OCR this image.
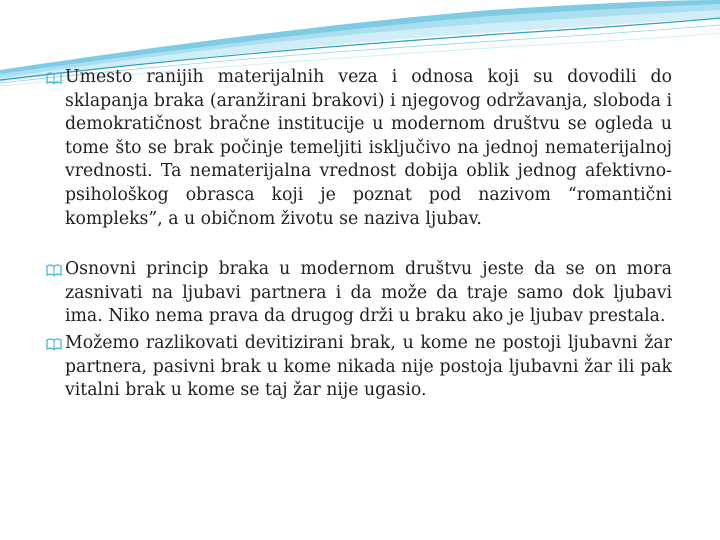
Umesto ranijih materijalnih veza i odnosa koji su dovodili do sklapanja braka (aranžirani brakovi) i njegovog održavanja, sloboda i demokratičnost bračne institucije u modernom društvu se ogleda u tome što se brak počinje temeljiti isključivo na jednoj nematerijalnoj vrednosti. Ta nematerijalna vrednost dobija oblik jednog afektivno-psihološkog obrasca koji je poznat pod nazivom “romantični kompleks”, a u običnom životu se naziva ljubav.

Osnovni princip braka u modernom društvu jeste da se on mora zasnivati na ljubavi partnera i da može da traje samo dok ljubavi ima. Niko nema prava da drugog drži u braku ako je ljubav prestala.

Možemo razlikovati devitizirani brak, u kome ne postoji ljubavni žar partnera, pasivni brak u kome nikada nije postoja ljubavni žar ili pak vitalni brak u kome se taj žar nije ugasio.
